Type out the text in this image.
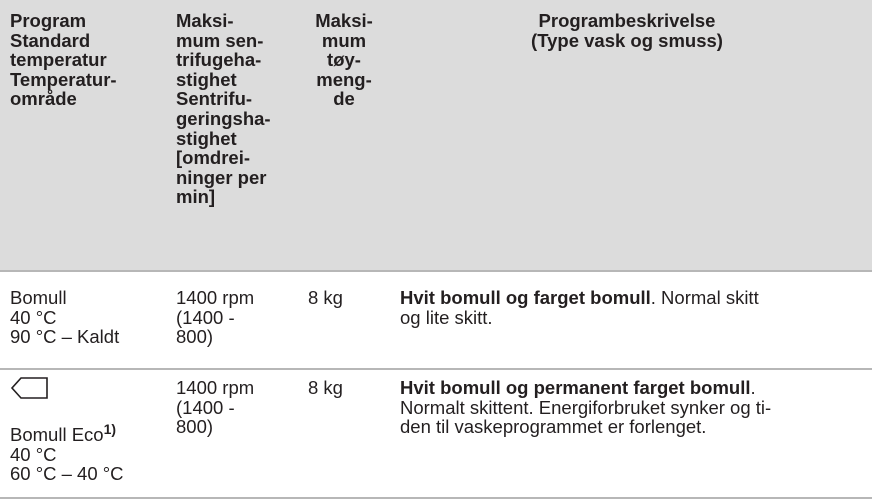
Program
Standard
temperatur
Temperatur-
område
Maksi-
mum sen-
trifugeha-
stighet
Sentrifu-
geringsha-
stighet
[omdrei-
ninger per
min]
Maksi-
mum
tøy-
meng-
de
Programbeskrivelse
(Type vask og smuss)
Bomull
40 °C
90 °C – Kaldt
1400 rpm
(1400 -
800)
8 kg	Hvit bomull og farget bomull. Normal skitt
og lite skitt.
Bomull Eco$^{1)}$
40 °C
60 °C – 40 °C
1400 rpm
(1400 -
800)
8 kg	Hvit bomull og permanent farget bomull.
Normalt skittent. Energiforbruket synker og ti-
den til vaskeprogrammet er forlenget.
